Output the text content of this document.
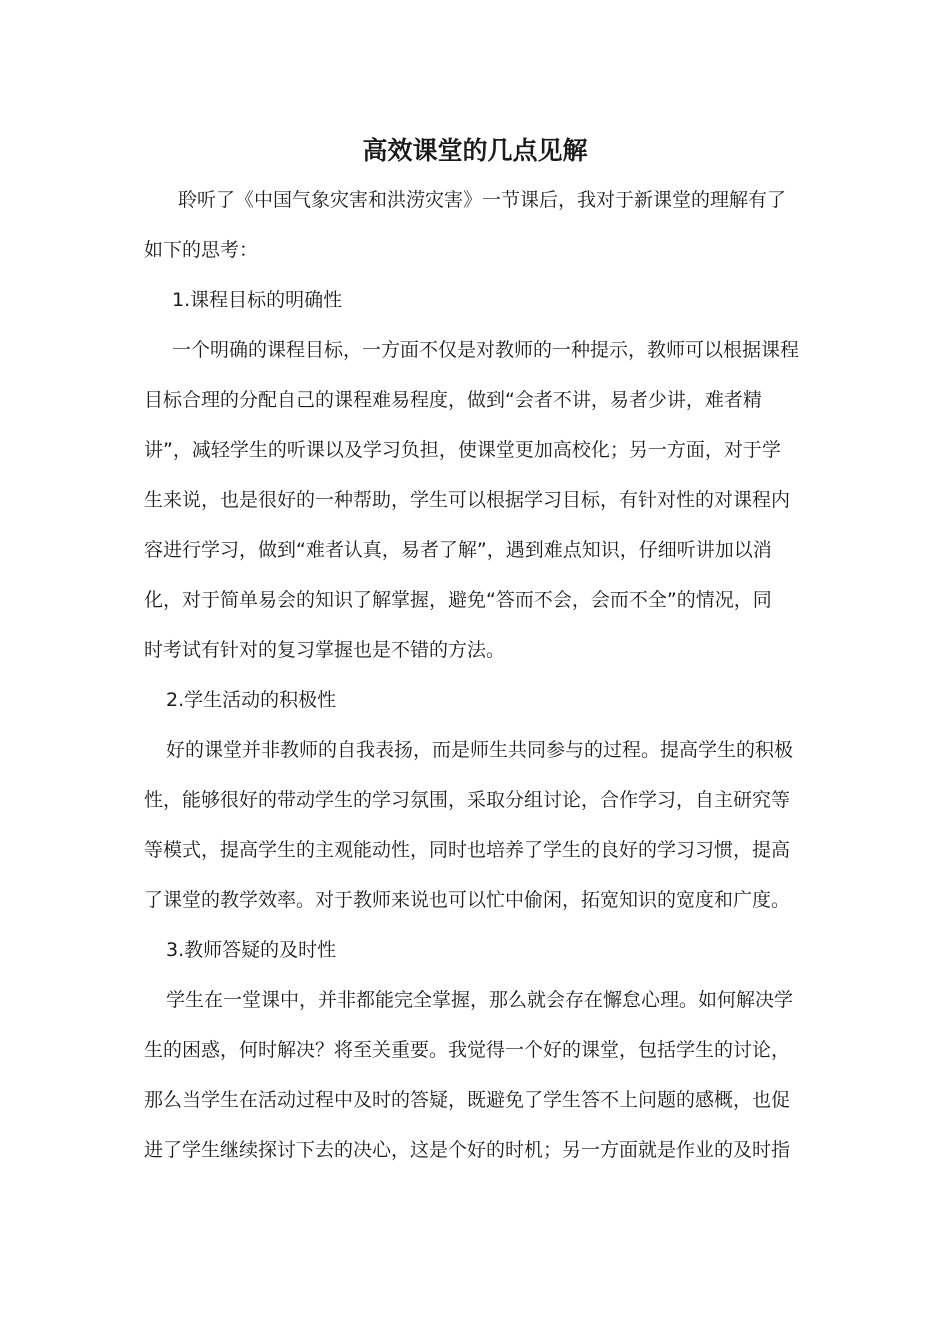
高效课堂的几点见解

聆听了《中国气象灾害和洪涝灾害》一节课后，我对于新课堂的理解有了

如下的思考：

1.课程目标的明确性

一个明确的课程目标，一方面不仅是对教师的一种提示，教师可以根据课程

目标合理的分配自己的课程难易程度，做到“会者不讲，易者少讲，难者精

讲”，减轻学生的听课以及学习负担，使课堂更加高校化；另一方面，对于学

生来说，也是很好的一种帮助，学生可以根据学习目标，有针对性的对课程内

容进行学习，做到“难者认真，易者了解”，遇到难点知识，仔细听讲加以消

化，对于简单易会的知识了解掌握，避免“答而不会，会而不全”的情况，同

时考试有针对的复习掌握也是不错的方法。

2.学生活动的积极性

好的课堂并非教师的自我表扬，而是师生共同参与的过程。提高学生的积极

性，能够很好的带动学生的学习氛围，采取分组讨论，合作学习，自主研究等

等模式，提高学生的主观能动性，同时也培养了学生的良好的学习习惯，提高

了课堂的教学效率。对于教师来说也可以忙中偷闲，拓宽知识的宽度和广度。

3.教师答疑的及时性

学生在一堂课中，并非都能完全掌握，那么就会存在懈怠心理。如何解决学

生的困惑，何时解决？将至关重要。我觉得一个好的课堂，包括学生的讨论，

那么当学生在活动过程中及时的答疑，既避免了学生答不上问题的感概，也促

进了学生继续探讨下去的决心，这是个好的时机；另一方面就是作业的及时指
